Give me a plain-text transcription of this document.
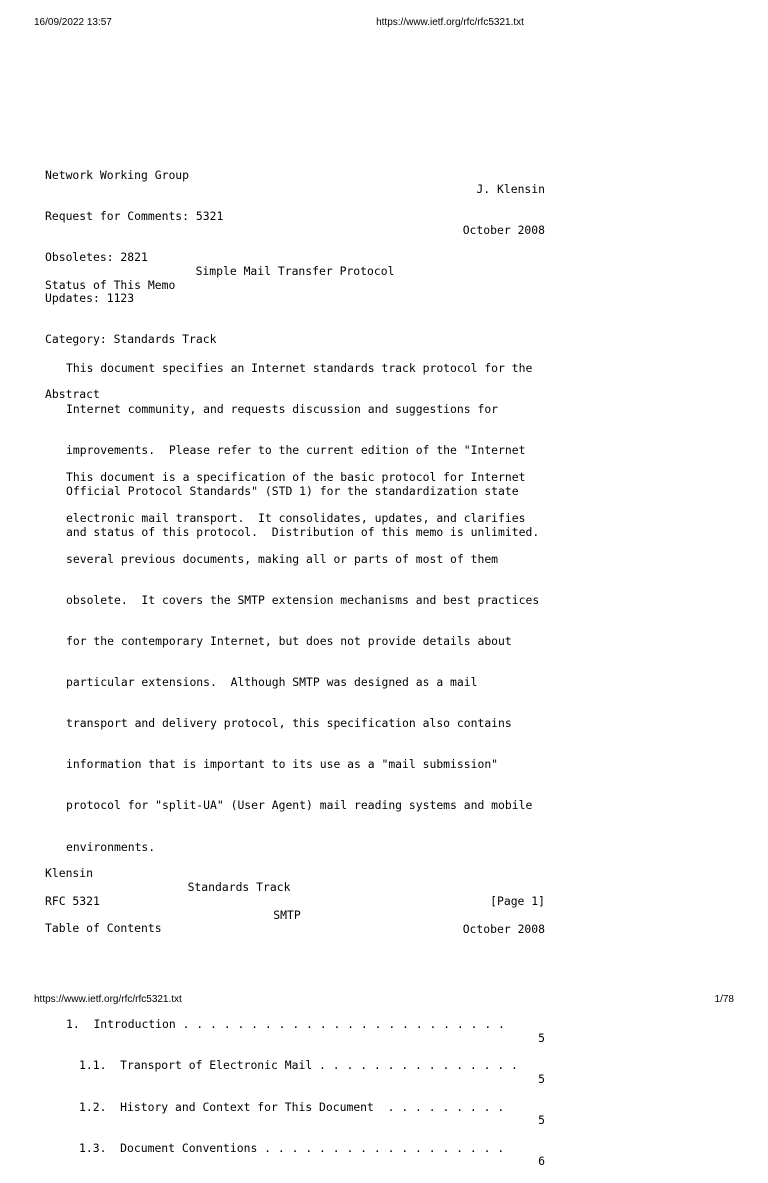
16/09/2022 13:57	https://www.ietf.org/rfc/rfc5321.txt

Network Working Group

J. Klensin

Request for Comments: 5321

October 2008

Obsoletes: 2821

Updates: 1123

Category: Standards Track

Simple Mail Transfer Protocol

Status of This Memo

This document specifies an Internet standards track protocol for the

Internet community, and requests discussion and suggestions for

improvements.  Please refer to the current edition of the "Internet

Official Protocol Standards" (STD 1) for the standardization state

and status of this protocol.  Distribution of this memo is unlimited.

Abstract

This document is a specification of the basic protocol for Internet

electronic mail transport.  It consolidates, updates, and clarifies

several previous documents, making all or parts of most of them

obsolete.  It covers the SMTP extension mechanisms and best practices

for the contemporary Internet, but does not provide details about

particular extensions.  Although SMTP was designed as a mail

transport and delivery protocol, this specification also contains

information that is important to its use as a "mail submission"

protocol for "split-UA" (User Agent) mail reading systems and mobile

environments.

Klensin

Standards Track

[Page 1]

RFC 5321

SMTP

October 2008

Table of Contents

1. Introduction . . . . . . . . . . . . . . . . . . . . . . . .

5

1.1. Transport of Electronic Mail . . . . . . . . . . . . . . .

5

1.2. History and Context for This Document  . . . . . . . . .

5

1.3. Document Conventions . . . . . . . . . . . . . . . . . .

6

https://www.ietf.org/rfc/rfc5321.txt	1/78
